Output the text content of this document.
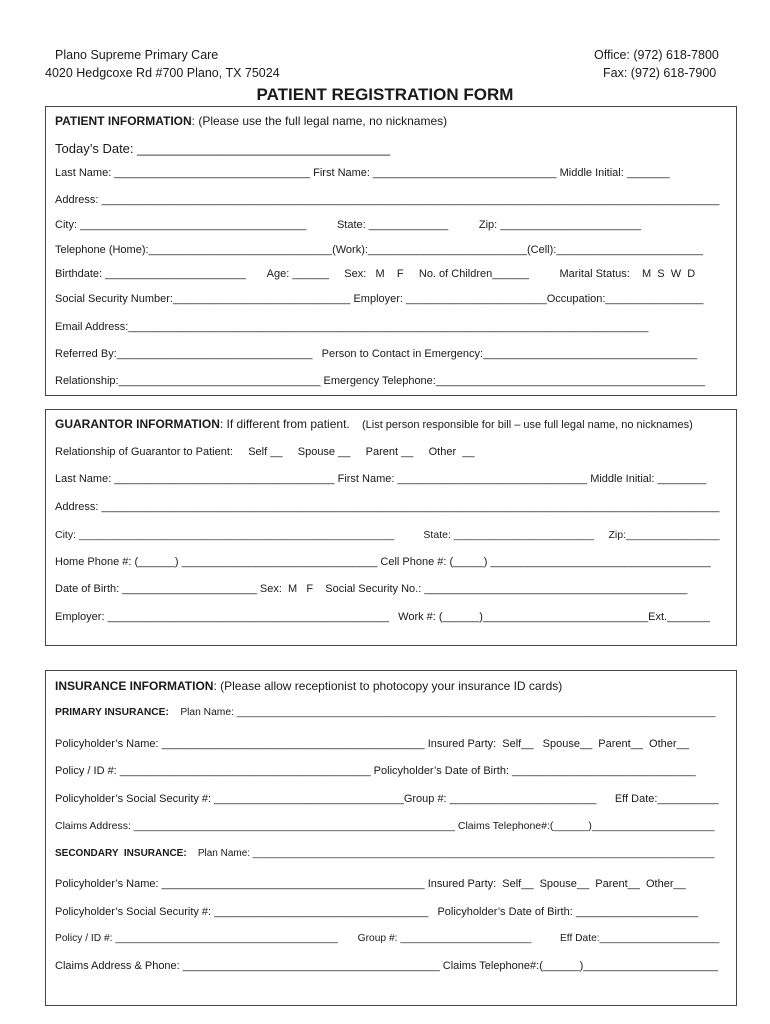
Plano Supreme Primary Care
4020 Hedgcoxe Rd #700 Plano, TX 75024
Office: (972) 618-7800
Fax: (972) 618-7900
PATIENT REGISTRATION FORM
PATIENT INFORMATION: (Please use the full legal name, no nicknames)
Today’s Date: ___________________________________
Last Name: ________________________________ First Name: ______________________________ Middle Initial: _______
Address: _____________________________________________________________________________________________________
City: _____________________________________          State: _____________          Zip: _______________________
Telephone (Home):______________________________(Work):__________________________(Cell):________________________
Birthdate: _______________________       Age: ______     Sex:   M    F     No. of Children______          Marital Status:    M  S  W  D
Social Security Number:_____________________________ Employer: _______________________Occupation:________________
Email Address:_____________________________________________________________________________________
Referred By:________________________________   Person to Contact in Emergency:___________________________________
Relationship:_________________________________ Emergency Telephone:____________________________________________
GUARANTOR INFORMATION: If different from patient. (List person responsible for bill – use full legal name, no nicknames)
Relationship of Guarantor to Patient:     Self __     Spouse __     Parent __     Other  __
Last Name: ____________________________________ First Name: _______________________________ Middle Initial: ________
Address: _____________________________________________________________________________________________________
City: ______________________________________________________          State: ________________________     Zip:________________
Home Phone #: (______) ________________________________ Cell Phone #: (_____) ____________________________________
Date of Birth: ______________________ Sex:  M   F    Social Security No.: ___________________________________________
Employer: ______________________________________________   Work #: (______)___________________________Ext._______
INSURANCE INFORMATION: (Please allow receptionist to photocopy your insurance ID cards)
PRIMARY INSURANCE: Plan Name: ____________________________________________________________________________________
Policyholder’s Name: ___________________________________________ Insured Party:  Self__   Spouse__  Parent__  Other__
Policy / ID #: _________________________________________ Policyholder’s Date of Birth: ______________________________
Policyholder’s Social Security #: _______________________________Group #: ________________________      Eff Date:__________
Claims Address: _______________________________________________________ Claims Telephone#:(______)_____________________
SECONDARY  INSURANCE: Plan Name: ___________________________________________________________________________________
Policyholder’s Name: ___________________________________________ Insured Party:  Self__  Spouse__  Parent__  Other__
Policyholder’s Social Security #: ___________________________________   Policyholder’s Date of Birth: ____________________
Policy / ID #: _______________________________________       Group #: _______________________          Eff Date:_____________________
Claims Address & Phone: __________________________________________ Claims Telephone#:(______)______________________
